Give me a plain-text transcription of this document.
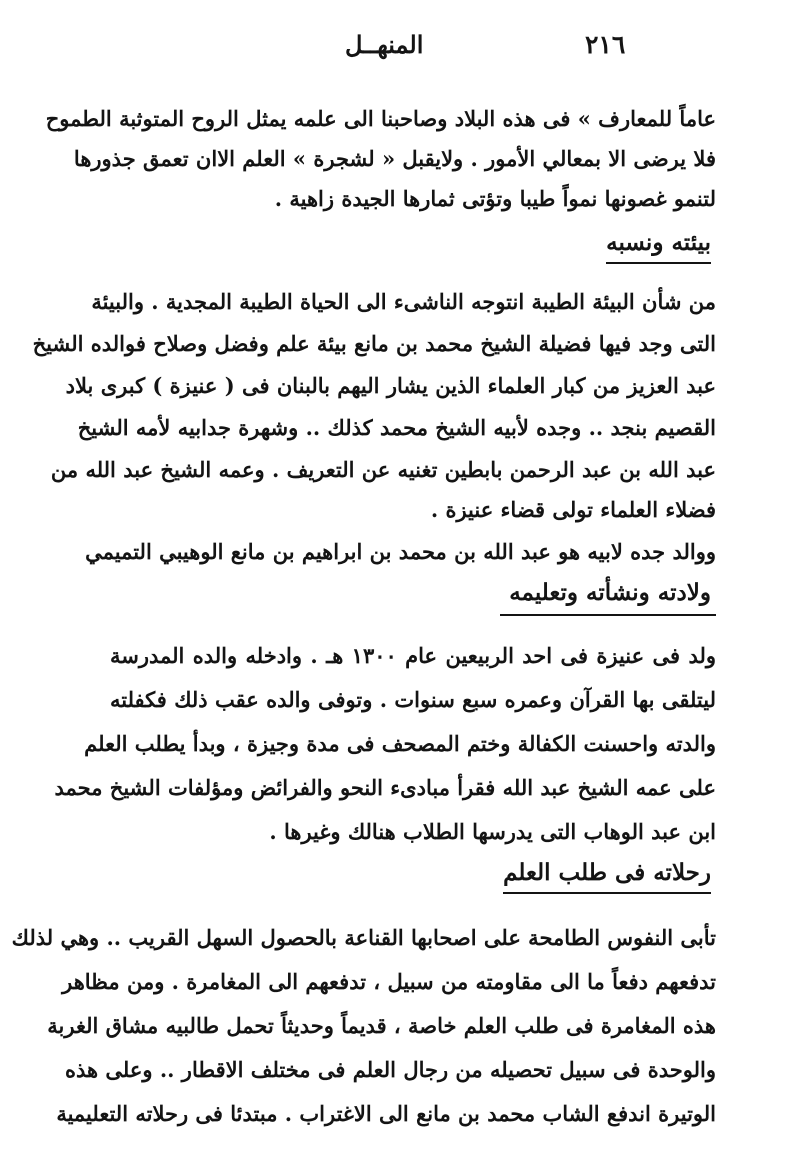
٢١٦
المنهــل
عاماً للمعارف » فى هذه البلاد وصاحبنا الى علمه يمثل الروح المتوثبة الطموح
فلا يرضى الا بمعالي الأمور . ولايقبل « لشجرة » العلم الاان تعمق جذورها
لتنمو غصونها نمواً طيبا وتؤتى ثمارها الجيدة زاهية .
بيئته ونسبه
من شأن البيئة الطيبة انتوجه الناشىء الى الحياة الطيبة المجدية . والبيئة
التى وجد فيها فضيلة الشيخ محمد بن مانع بيئة علم وفضل وصلاح فوالده الشيخ
عبد العزيز من كبار العلماء الذين يشار اليهم بالبنان فى ( عنيزة ) كبرى بلاد
القصيم بنجد .. وجده لأبيه الشيخ محمد كذلك .. وشهرة جدابيه لأمه الشيخ
عبد الله بن عبد الرحمن بابطين تغنيه عن التعريف . وعمه الشيخ عبد الله من
فضلاء العلماء تولى قضاء عنيزة .
ووالد جده لابيه هو عبد الله بن محمد بن ابراهيم بن مانع الوهيبي التميمي
ولادته ونشأته وتعليمه
ولد فى عنيزة فى احد الربيعين عام ١٣٠٠ هـ . وادخله والده المدرسة
ليتلقى بها القرآن وعمره سبع سنوات . وتوفى والده عقب ذلك فكفلته
والدته واحسنت الكفالة وختم المصحف فى مدة وجيزة ، وبدأ يطلب العلم
على عمه الشيخ عبد الله فقرأ مبادىء النحو والفرائض ومؤلفات الشيخ محمد
ابن عبد الوهاب التى يدرسها الطلاب هنالك وغيرها .
رحلاته فى طلب العلم
تأبى النفوس الطامحة على اصحابها القناعة بالحصول السهل القريب .. وهي لذلك
تدفعهم دفعاً ما الى مقاومته من سبيل ، تدفعهم الى المغامرة . ومن مظاهر
هذه المغامرة فى طلب العلم خاصة ، قديماً وحديثاً تحمل طالبيه مشاق الغربة
والوحدة فى سبيل تحصيله من رجال العلم فى مختلف الاقطار .. وعلى هذه
الوتيرة اندفع الشاب محمد بن مانع الى الاغتراب . مبتدئا فى رحلاته التعليمية
